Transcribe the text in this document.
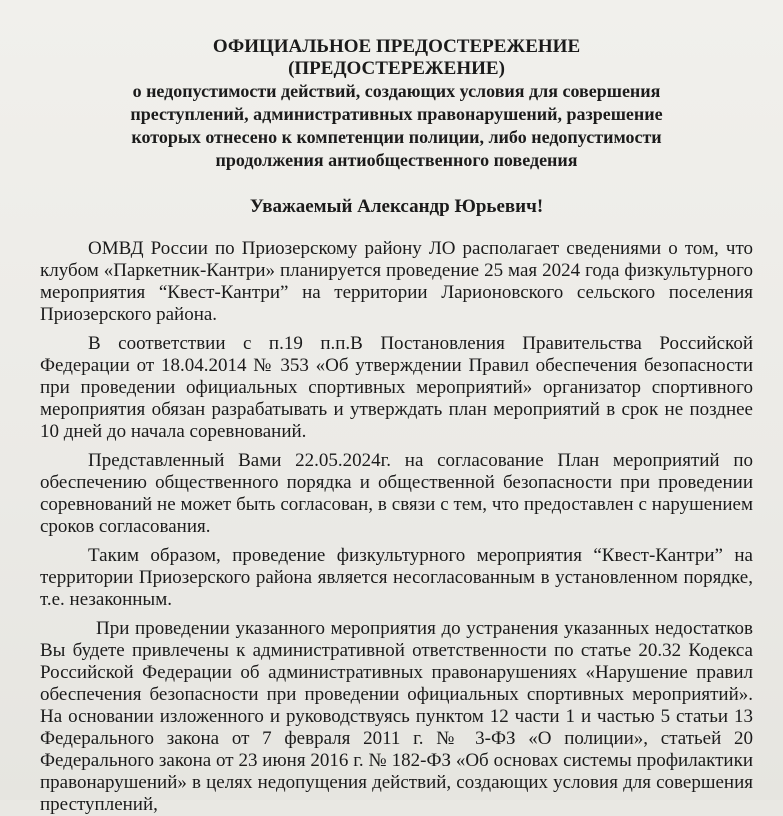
ОФИЦИАЛЬНОЕ ПРЕДОСТЕРЕЖЕНИЕ
(ПРЕДОСТЕРЕЖЕНИЕ)
о недопустимости действий, создающих условия для совершения
преступлений, административных правонарушений, разрешение
которых отнесено к компетенции полиции, либо недопустимости
продолжения антиобщественного поведения
Уважаемый Александр Юрьевич!

ОМВД России по Приозерскому району ЛО располагает сведениями о том, что клубом «Паркетник-Кантри» планируется проведение 25 мая 2024 года физкультурного мероприятия “Квест-Кантри” на территории Ларионовского сельского поселения Приозерского района.

В соответствии с п.19 п.п.В Постановления Правительства Российской Федерации от 18.04.2014 № 353 «Об утверждении Правил обеспечения безопасности при проведении официальных спортивных мероприятий» организатор спортивного мероприятия обязан разрабатывать и утверждать план мероприятий в срок не позднее 10 дней до начала соревнований.

Представленный Вами 22.05.2024г. на согласование План мероприятий по обеспечению общественного порядка и общественной безопасности при проведении соревнований не может быть согласован, в связи с тем, что предоставлен с нарушением сроков согласования.

Таким образом, проведение физкультурного мероприятия “Квест-Кантри” на территории Приозерского района является несогласованным в установленном порядке, т.е. незаконным.

При проведении указанного мероприятия до устранения указанных недостатков Вы будете привлечены к административной ответственности по статье 20.32 Кодекса Российской Федерации об административных правонарушениях «Нарушение правил обеспечения безопасности при проведении официальных спортивных мероприятий». На основании изложенного и руководствуясь пунктом 12 части 1 и частью 5 статьи 13 Федерального закона от 7 февраля 2011 г. № 3-ФЗ «О полиции», статьей 20 Федерального закона от 23 июня 2016 г. № 182-ФЗ «Об основах системы профилактики правонарушений» в целях недопущения действий, создающих условия для совершения преступлений,
